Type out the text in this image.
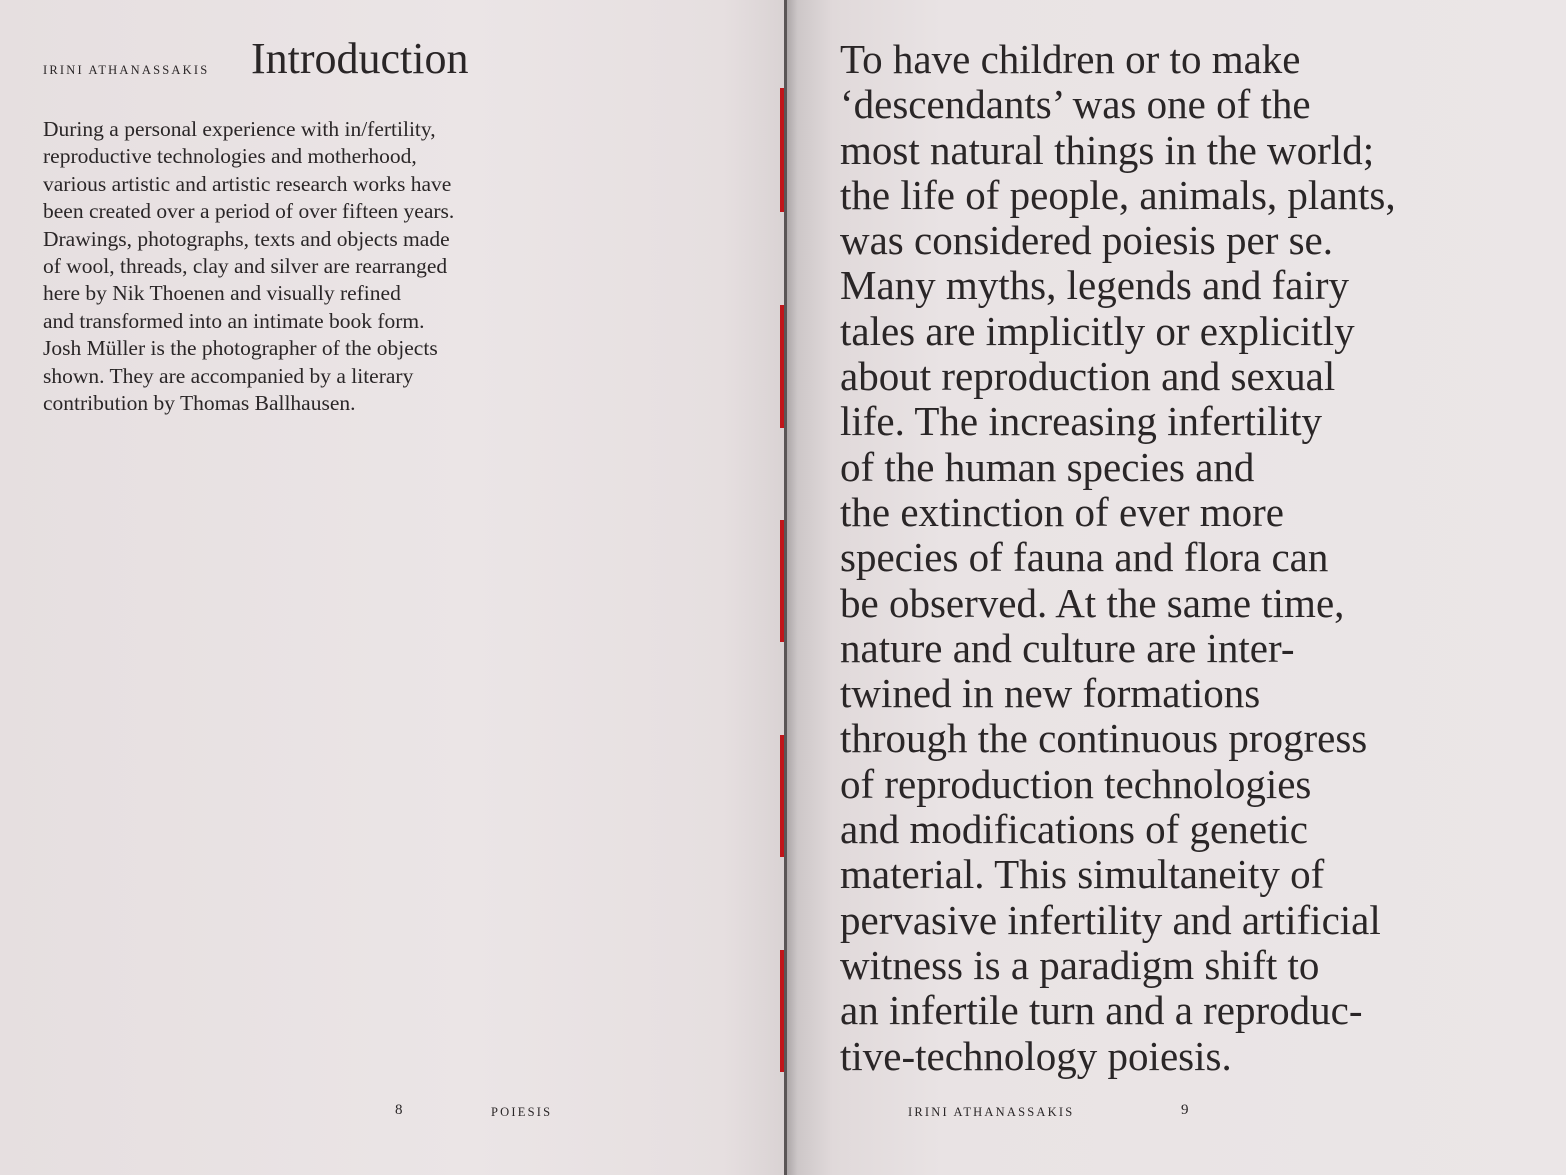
IRINI ATHANASSAKIS Introduction
During a personal experience with in/fertility,
reproductive technologies and motherhood,
various artistic and artistic research works have
been created over a period of over fifteen years.
Drawings, photographs, texts and objects made
of wool, threads, clay and silver are rearranged
here by Nik Thoenen and visually refined
and transformed into an intimate book form.
Josh Müller is the photographer of the objects
shown. They are accompanied by a literary
contribution by Thomas Ballhausen.
8	POIESIS
To have children or to make
‘descendants’ was one of the
most natural things in the world;
the life of people, animals, plants,
was considered poiesis per se.
Many myths, legends and fairy
tales are implicitly or explicitly
about reproduction and sexual
life. The increasing infertility
of the human species and
the extinction of ever more
species of fauna and flora can
be observed. At the same time,
nature and culture are inter-
twined in new formations
through the continuous progress
of reproduction technologies
and modifications of genetic
material. This simultaneity of
pervasive infertility and artificial
witness is a paradigm shift to
an infertile turn and a reproduc-
tive-technology poiesis.
IRINI ATHANASSAKIS	9
